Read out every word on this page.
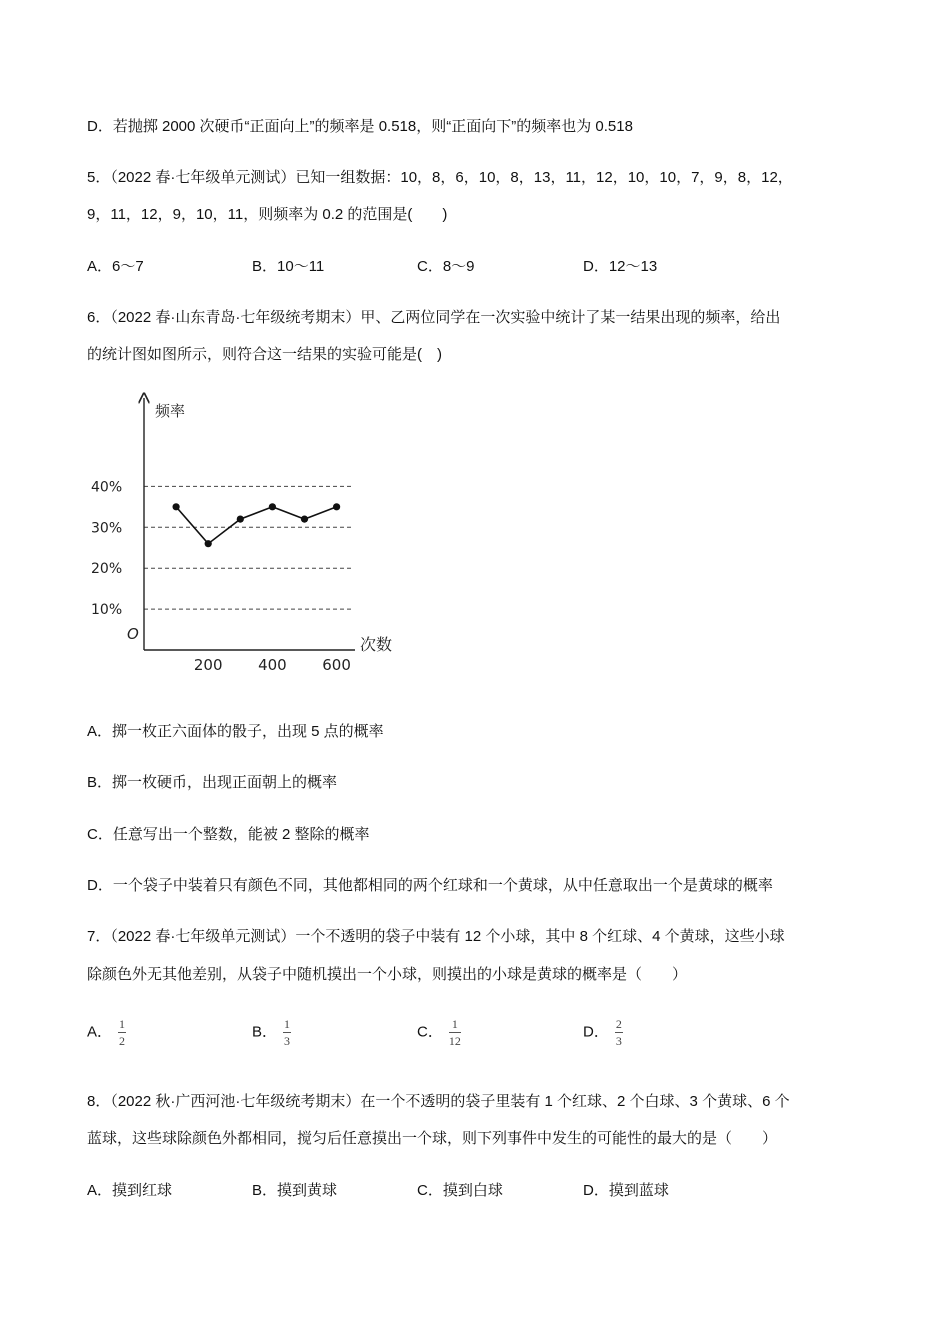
D．若抛掷 2000 次硬币“正面向上”的频率是 0.518，则“正面向下”的频率也为 0.518
5．（2022 春·七年级单元测试）已知一组数据：10，8，6，10，8，13，11，12，10，10，7，9，8，12，
9，11，12，9，10，11，则频率为 0.2 的范围是(　　)
A．6～7	B．10～11	C．8～9	D．12～13
6．（2022 春·山东青岛·七年级统考期末）甲、乙两位同学在一次实验中统计了某一结果出现的频率，给出
的统计图如图所示，则符合这一结果的实验可能是(　)
频率
次数
O
10%
20%
30%
40%
200 400 600
A．掷一枚正六面体的骰子，出现 5 点的概率
B．掷一枚硬币，出现正面朝上的概率
C．任意写出一个整数，能被 2 整除的概率
D．一个袋子中装着只有颜色不同，其他都相同的两个红球和一个黄球，从中任意取出一个是黄球的概率
7．（2022 春·七年级单元测试）一个不透明的袋子中装有 12 个小球，其中 8 个红球、4 个黄球，这些小球
除颜色外无其他差别，从袋子中随机摸出一个小球，则摸出的小球是黄球的概率是（　　）
A． $\frac{1}{2}$	B． $\frac{1}{3}$	C． $\frac{1}{12}$	D． $\frac{2}{3}$
8．（2022 秋·广西河池·七年级统考期末）在一个不透明的袋子里装有 1 个红球、2 个白球、3 个黄球、6 个
蓝球，这些球除颜色外都相同，搅匀后任意摸出一个球，则下列事件中发生的可能性的最大的是（　　）
A．摸到红球	B．摸到黄球	C．摸到白球	D．摸到蓝球
